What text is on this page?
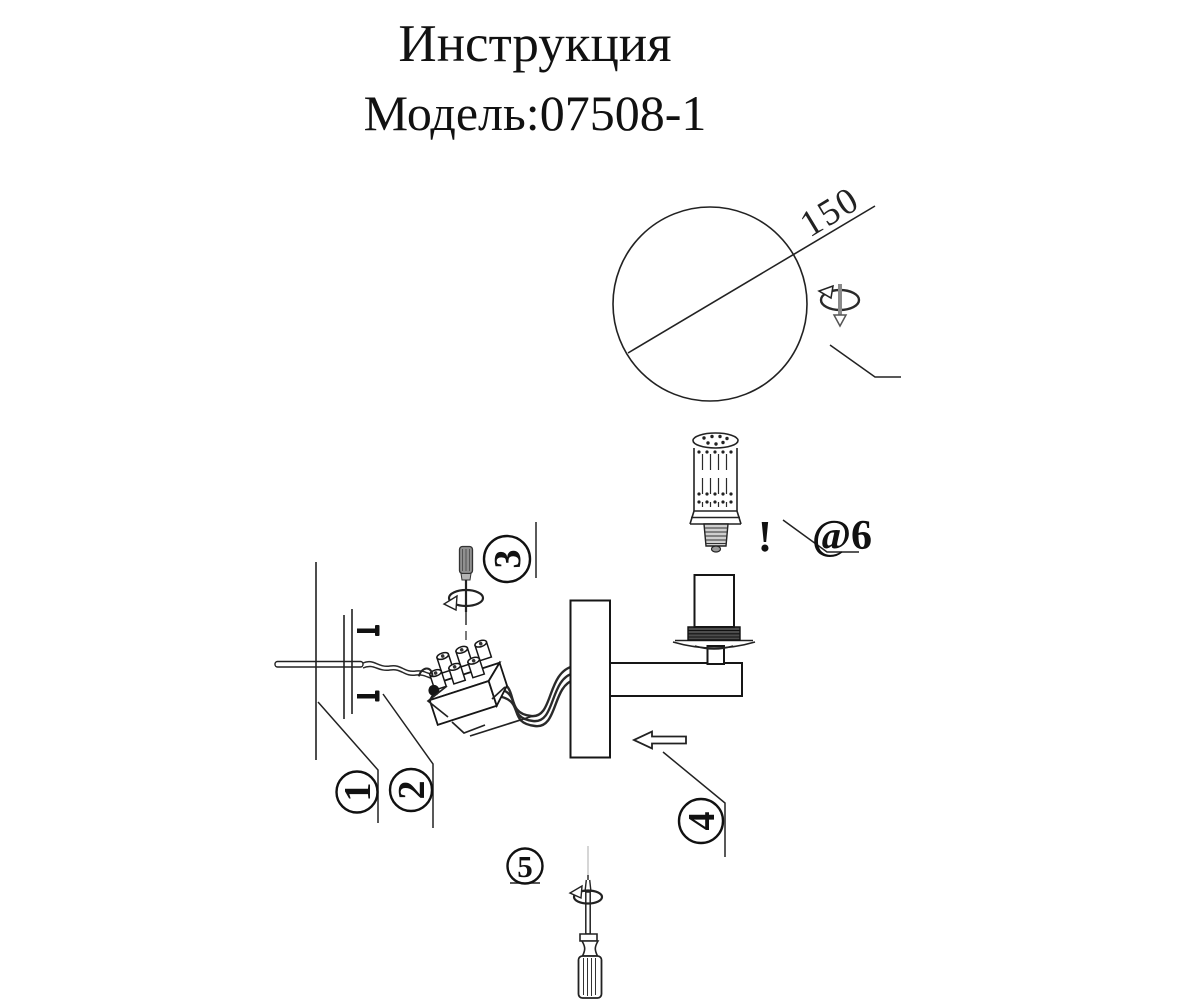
Инструкция
Модель:07508-1
150
! @6
1 2
3
4
5
